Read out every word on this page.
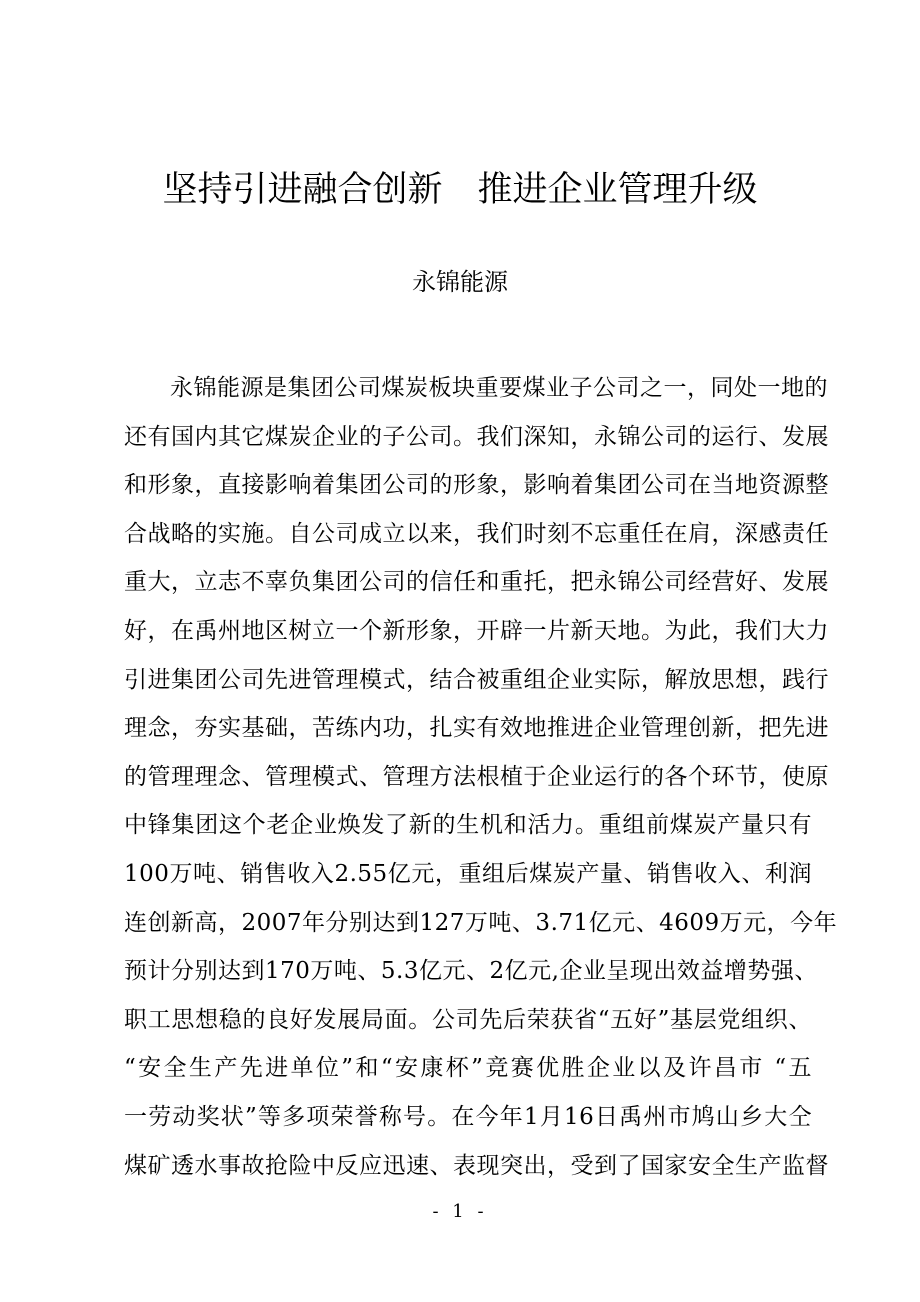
坚持引进融合创新　推进企业管理升级

永锦能源

永锦能源是集团公司煤炭板块重要煤业子公司之一，同处一地的
还有国内其它煤炭企业的子公司。我们深知，永锦公司的运行、发展
和形象，直接影响着集团公司的形象，影响着集团公司在当地资源整
合战略的实施。自公司成立以来，我们时刻不忘重任在肩，深感责任
重大，立志不辜负集团公司的信任和重托，把永锦公司经营好、发展
好，在禹州地区树立一个新形象，开辟一片新天地。为此，我们大力
引进集团公司先进管理模式，结合被重组企业实际，解放思想，践行
理念，夯实基础，苦练内功，扎实有效地推进企业管理创新，把先进
的管理理念、管理模式、管理方法根植于企业运行的各个环节，使原
中锋集团这个老企业焕发了新的生机和活力。重组前煤炭产量只有
100万吨、销售收入2.55亿元，重组后煤炭产量、销售收入、利润
连创新高，2007年分别达到127万吨、3.71亿元、4609万元，今年
预计分别达到170万吨、5.3亿元、2亿元,企业呈现出效益增势强、
职工思想稳的良好发展局面。公司先后荣获省“五好”基层党组织、
“安全生产先进单位”和“安康杯”竞赛优胜企业以及许昌市 “五
一劳动奖状”等多项荣誉称号。在今年1月16日禹州市鸠山乡大仝
煤矿透水事故抢险中反应迅速、表现突出，受到了国家安全生产监督
- 1 -
